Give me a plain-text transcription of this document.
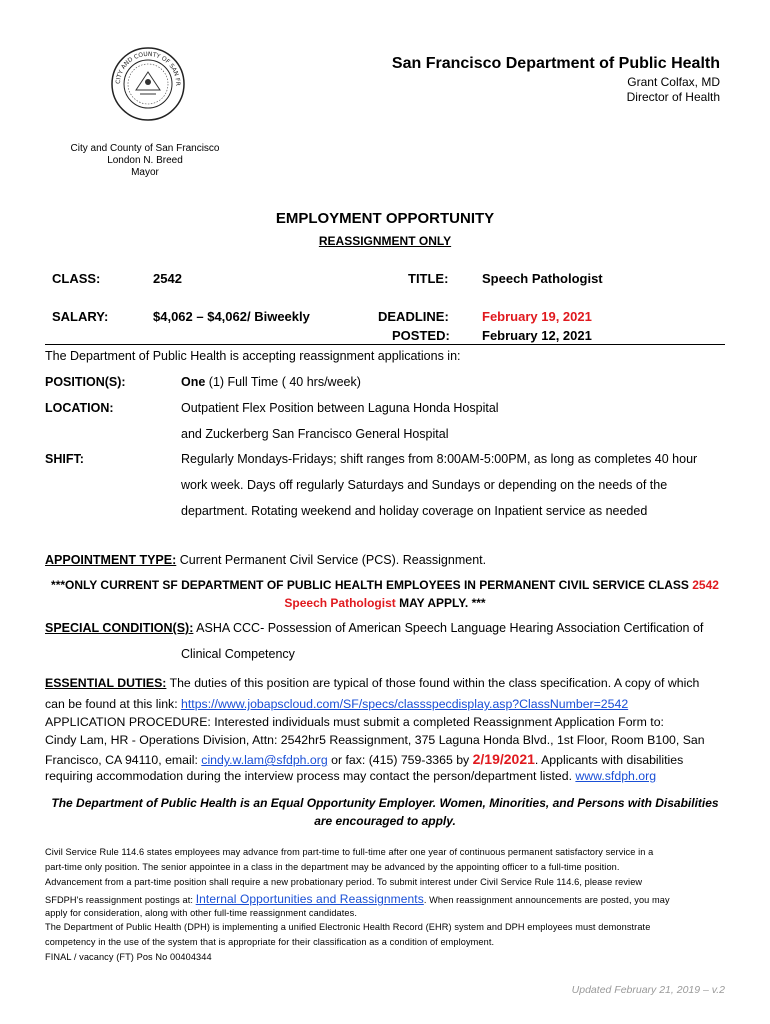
CITY AND COUNTY OF SAN FR
San Francisco Department of Public Health
Grant Colfax, MD
Director of Health
City and County of San Francisco
London N. Breed
Mayor
EMPLOYMENT OPPORTUNITY
REASSIGNMENT ONLY
CLASS:	2542	TITLE:	Speech Pathologist
SALARY:	$4,062 – $4,062/ Biweekly	DEADLINE:	February 19, 2021
POSTED: February 12, 2021
The Department of Public Health is accepting reassignment applications in:
POSITION(S):	One (1) Full Time ( 40 hrs/week)
LOCATION:	Outpatient Flex Position between Laguna Honda Hospital
and Zuckerberg San Francisco General Hospital
SHIFT:	Regularly Mondays-Fridays; shift ranges from 8:00AM-5:00PM, as long as completes 40 hour
work week. Days off regularly Saturdays and Sundays or depending on the needs of the
department. Rotating weekend and holiday coverage on Inpatient service as needed
APPOINTMENT TYPE: Current Permanent Civil Service (PCS). Reassignment.
***ONLY CURRENT SF DEPARTMENT OF PUBLIC HEALTH EMPLOYEES IN PERMANENT CIVIL SERVICE CLASS 2542
Speech Pathologist MAY APPLY. ***
SPECIAL CONDITION(S): ASHA CCC- Possession of American Speech Language Hearing Association Certification of
Clinical Competency
ESSENTIAL DUTIES: The duties of this position are typical of those found within the class specification. A copy of which
can be found at this link: https://www.jobapscloud.com/SF/specs/classspecdisplay.asp?ClassNumber=2542
APPLICATION PROCEDURE: Interested individuals must submit a completed Reassignment Application Form to:
Cindy Lam, HR - Operations Division, Attn: 2542hr5 Reassignment, 375 Laguna Honda Blvd., 1st Floor, Room B100, San
Francisco, CA 94110, email: cindy.w.lam@sfdph.org or fax: (415) 759-3365 by 2/19/2021. Applicants with disabilities
requiring accommodation during the interview process may contact the person/department listed. www.sfdph.org
The Department of Public Health is an Equal Opportunity Employer. Women, Minorities, and Persons with Disabilities
are encouraged to apply.
Civil Service Rule 114.6 states employees may advance from part-time to full-time after one year of continuous permanent satisfactory service in a
part-time only position. The senior appointee in a class in the department may be advanced by the appointing officer to a full-time position.
Advancement from a part-time position shall require a new probationary period. To submit interest under Civil Service Rule 114.6, please review
SFDPH's reassignment postings at: Internal Opportunities and Reassignments. When reassignment announcements are posted, you may
apply for consideration, along with other full-time reassignment candidates.
The Department of Public Health (DPH) is implementing a unified Electronic Health Record (EHR) system and DPH employees must demonstrate
competency in the use of the system that is appropriate for their classification as a condition of employment.
FINAL / vacancy (FT) Pos No 00404344
Updated February 21, 2019 – v.2
